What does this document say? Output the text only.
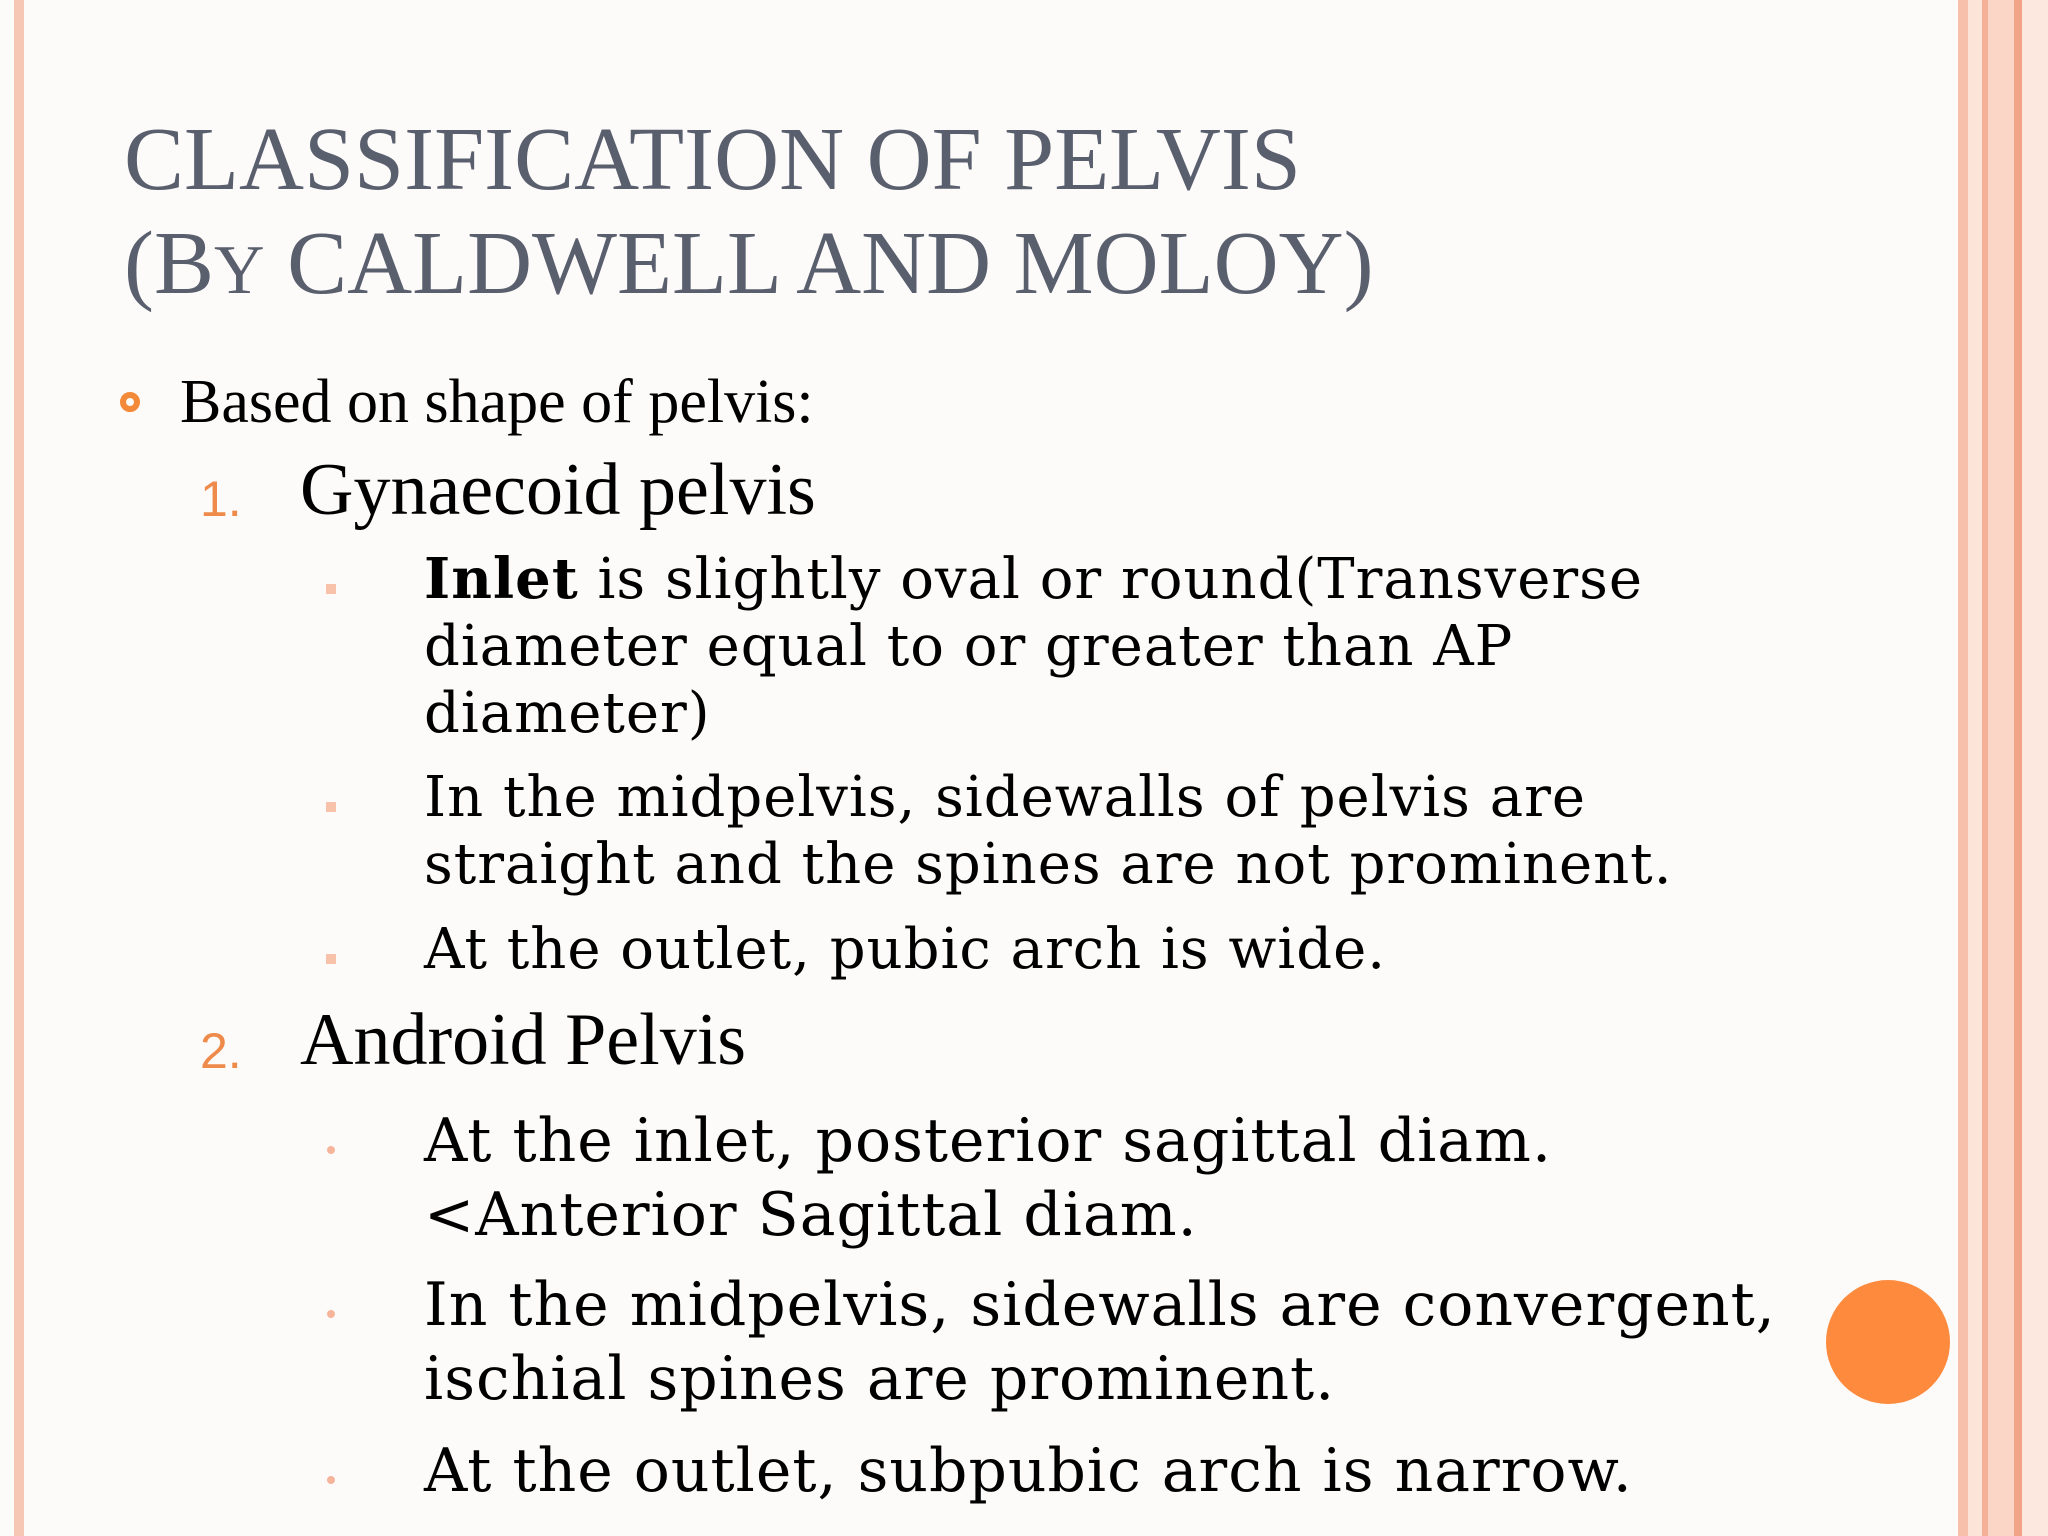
CLASSIFICATION OF PELVIS
(BY CALDWELL AND MOLOY)
Based on shape of pelvis:
1. Gynaecoid pelvis
Inlet is slightly oval or round(Transverse diameter equal to or greater than AP diameter)
In the midpelvis, sidewalls of pelvis are straight and the spines are not prominent.
At the outlet, pubic arch is wide.
2. Android Pelvis
At the inlet, posterior sagittal diam.<Anterior Sagittal diam.
In the midpelvis, sidewalls are convergent, ischial spines are prominent.
At the outlet, subpubic arch is narrow.
